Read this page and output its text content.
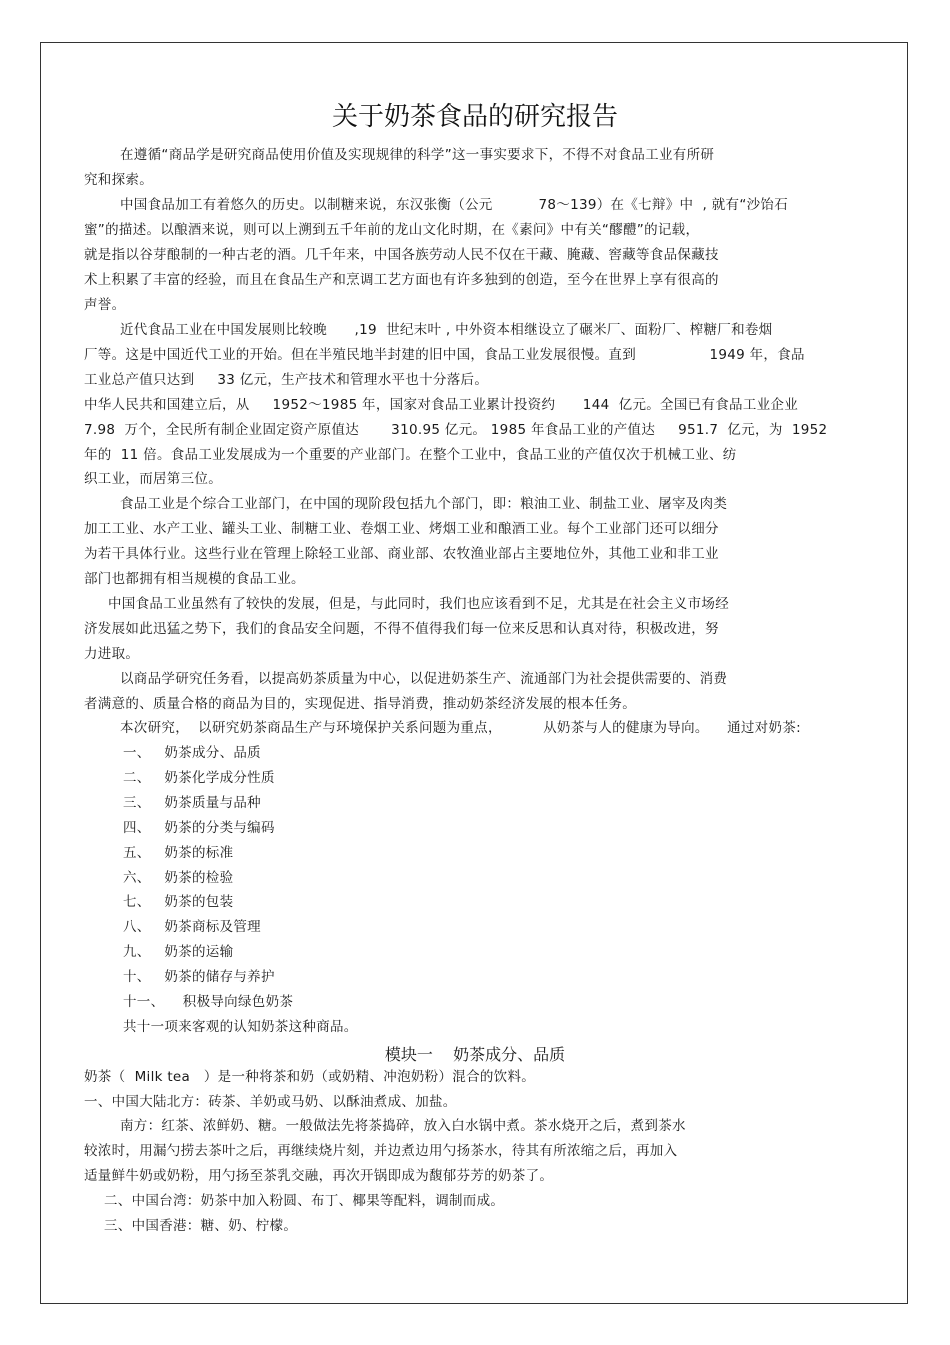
关于奶茶食品的研究报告
在遵循“商品学是研究商品使用价值及实现规律的科学”这一事实要求下，不得不对食品工业有所研
究和探索。
中国食品加工有着悠久的历史。以制糖来说，东汉张衡（公元          78～139）在《七辩》中  , 就有“沙饴石
蜜”的描述。以酿酒来说，则可以上溯到五千年前的龙山文化时期，在《素问》中有关“醪醴”的记载，
就是指以谷芽酿制的一种古老的酒。几千年来，中国各族劳动人民不仅在干藏、腌藏、窖藏等食品保藏技
术上积累了丰富的经验，而且在食品生产和烹调工艺方面也有许多独到的创造，至今在世界上享有很高的
声誉。
近代食品工业在中国发展则比较晚      ,19  世纪末叶 , 中外资本相继设立了碾米厂、面粉厂、榨糖厂和卷烟
厂等。这是中国近代工业的开始。但在半殖民地半封建的旧中国，食品工业发展很慢。直到                1949 年，食品
工业总产值只达到     33 亿元，生产技术和管理水平也十分落后。
中华人民共和国建立后，从     1952～1985 年，国家对食品工业累计投资约      144  亿元。全国已有食品工业企业
7.98  万个，全民所有制企业固定资产原值达       310.95 亿元。 1985 年食品工业的产值达     951.7  亿元，为  1952
年的  11 倍。食品工业发展成为一个重要的产业部门。在整个工业中，食品工业的产值仅次于机械工业、纺
织工业，而居第三位。
食品工业是个综合工业部门，在中国的现阶段包括九个部门，即：粮油工业、制盐工业、屠宰及肉类
加工工业、水产工业、罐头工业、制糖工业、卷烟工业、烤烟工业和酿酒工业。每个工业部门还可以细分
为若干具体行业。这些行业在管理上除轻工业部、商业部、农牧渔业部占主要地位外，其他工业和非工业
部门也都拥有相当规模的食品工业。
中国食品工业虽然有了较快的发展，但是，与此同时，我们也应该看到不足，尤其是在社会主义市场经
济发展如此迅猛之势下，我们的食品安全问题，不得不值得我们每一位来反思和认真对待，积极改进，努
力进取。
以商品学研究任务看，以提高奶茶质量为中心，以促进奶茶生产、流通部门为社会提供需要的、消费
者满意的、质量合格的商品为目的，实现促进、指导消费，推动奶茶经济发展的根本任务。
本次研究，  以研究奶茶商品生产与环境保护关系问题为重点，         从奶茶与人的健康为导向。    通过对奶茶:
一、   奶茶成分、品质
二、   奶茶化学成分性质
三、   奶茶质量与品种
四、   奶茶的分类与编码
五、   奶茶的标准
六、   奶茶的检验
七、   奶茶的包装
八、   奶茶商标及管理
九、   奶茶的运输
十、   奶茶的储存与养护
十一、    积极导向绿色奶茶
共十一项来客观的认知奶茶这种商品。
模块一    奶茶成分、品质
奶茶（  Milk tea   ）是一种将茶和奶（或奶精、冲泡奶粉）混合的饮料。
一、中国大陆北方：砖茶、羊奶或马奶、以酥油煮成、加盐。
南方：红茶、浓鲜奶、糖。一般做法先将茶捣碎，放入白水锅中煮。茶水烧开之后，煮到茶水
较浓时，用漏勺捞去茶叶之后，再继续烧片刻，并边煮边用勺扬茶水，待其有所浓缩之后，再加入
适量鲜牛奶或奶粉，用勺扬至茶乳交融，再次开锅即成为馥郁芬芳的奶茶了。
二、中国台湾：奶茶中加入粉圆、布丁、椰果等配料，调制而成。
三、中国香港：糖、奶、柠檬。
